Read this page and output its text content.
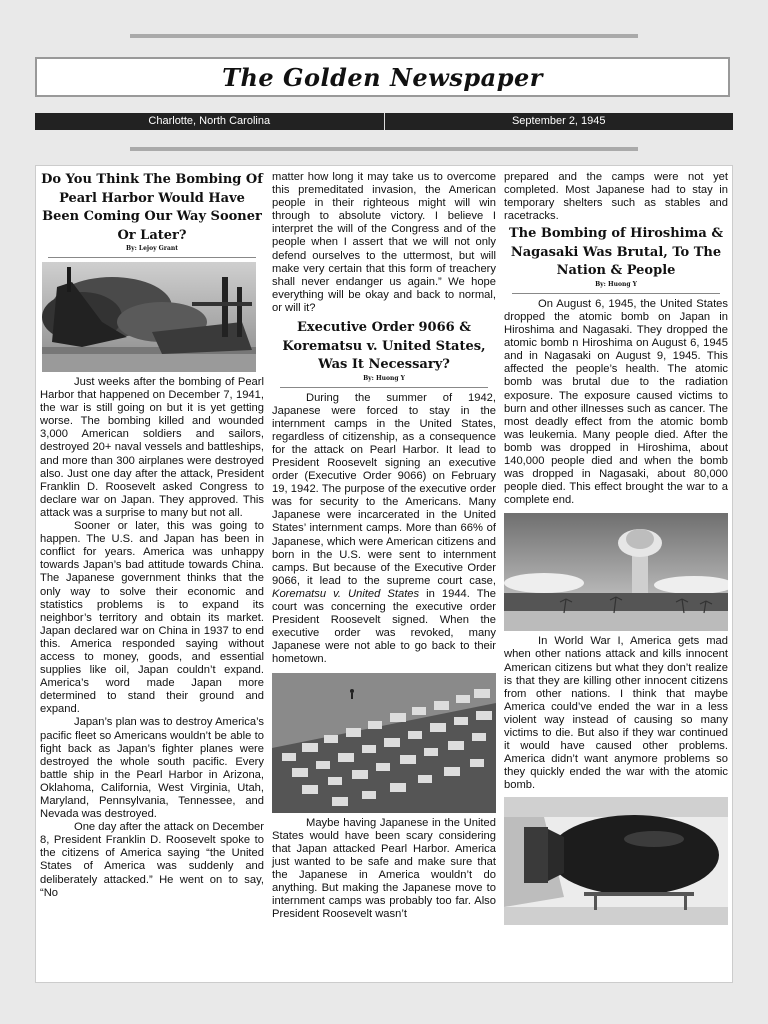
The Golden Newspaper
Charlotte, North Carolina	September 2, 1945
Do You Think The Bombing Of Pearl Harbor Would Have Been Coming Our Way Sooner Or Later?
By: Lejoy Grant

Just weeks after the bombing of Pearl Harbor that happened on December 7, 1941, the war is still going on but it is yet getting worse. The bombing killed and wounded 3,000 American soldiers and sailors, destroyed 20+ naval vessels and battleships, and more than 300 airplanes were destroyed also. Just one day after the attack, President Franklin D. Roosevelt asked Congress to declare war on Japan. They approved. This attack was a surprise to many but not all.

Sooner or later, this was going to happen. The U.S. and Japan has been in conflict for years. America was unhappy towards Japan’s bad attitude towards China. The Japanese government thinks that the only way to solve their economic and statistics problems is to expand its neighbor’s territory and obtain its market. Japan declared war on China in 1937 to end this. America responded saying without access to money, goods, and essential supplies like oil, Japan couldn’t expand. America’s word made Japan more determined to stand their ground and expand.

Japan’s plan was to destroy America’s pacific fleet so Americans wouldn’t be able to fight back as Japan’s fighter planes were destroyed the whole south pacific. Every battle ship in the Pearl Harbor in Arizona, Oklahoma, California, West Virginia, Utah, Maryland, Pennsylvania, Tennessee, and Nevada was destroyed.

One day after the attack on December 8, President Franklin D. Roosevelt spoke to the citizens of America saying “the United States of America was suddenly and deliberately attacked.” He went on to say, “No

matter how long it may take us to overcome this premeditated invasion, the American people in their righteous might will win through to absolute victory. I believe I interpret the will of the Congress and of the people when I assert that we will not only defend ourselves to the uttermost, but will make very certain that this form of treachery shall never endanger us again.” We hope everything will be okay and back to normal, or will it?

Executive Order 9066 & Korematsu v. United States, Was It Necessary?
By: Huong Y

During the summer of 1942, Japanese were forced to stay in the internment camps in the United States, regardless of citizenship, as a consequence for the attack on Pearl Harbor. It lead to President Roosevelt signing an executive order (Executive Order 9066) on February 19, 1942. The purpose of the executive order was for security to the Americans. Many Japanese were incarcerated in the United States’ internment camps. More than 66% of Japanese, which were American citizens and born in the U.S. were sent to internment camps. But because of the Executive Order 9066, it lead to the supreme court case, Korematsu v. United States in 1944. The court was concerning the executive order President Roosevelt signed. When the executive order was revoked, many Japanese were not able to go back to their hometown.

Maybe having Japanese in the United States would have been scary considering that Japan attacked Pearl Harbor. America just wanted to be safe and make sure that the Japanese in America wouldn’t do anything. But making the Japanese move to internment camps was probably too far. Also President Roosevelt wasn’t

prepared and the camps were not yet completed. Most Japanese had to stay in temporary shelters such as stables and racetracks.

The Bombing of Hiroshima & Nagasaki Was Brutal, To The Nation & People
By: Huong Y

On August 6, 1945, the United States dropped the atomic bomb on Japan in Hiroshima and Nagasaki. They dropped the atomic bomb n Hiroshima on August 6, 1945 and in Nagasaki on August 9, 1945. This affected the people’s health. The atomic bomb was brutal due to the radiation exposure. The exposure caused victims to burn and other illnesses such as cancer. The most deadly effect from the atomic bomb was leukemia. Many people died. After the bomb was dropped in Hiroshima, about 140,000 people died and when the bomb was dropped in Nagasaki, about 80,000 people died. This effect brought the war to a complete end.

In World War I, America gets mad when other nations attack and kills innocent American citizens but what they don’t realize is that they are killing other innocent citizens from other nations. I think that maybe America could’ve ended the war in a less violent way instead of causing so many victims to die. But also if they war continued it would have caused other problems. America didn’t want anymore problems so they quickly ended the war with the atomic bomb.
